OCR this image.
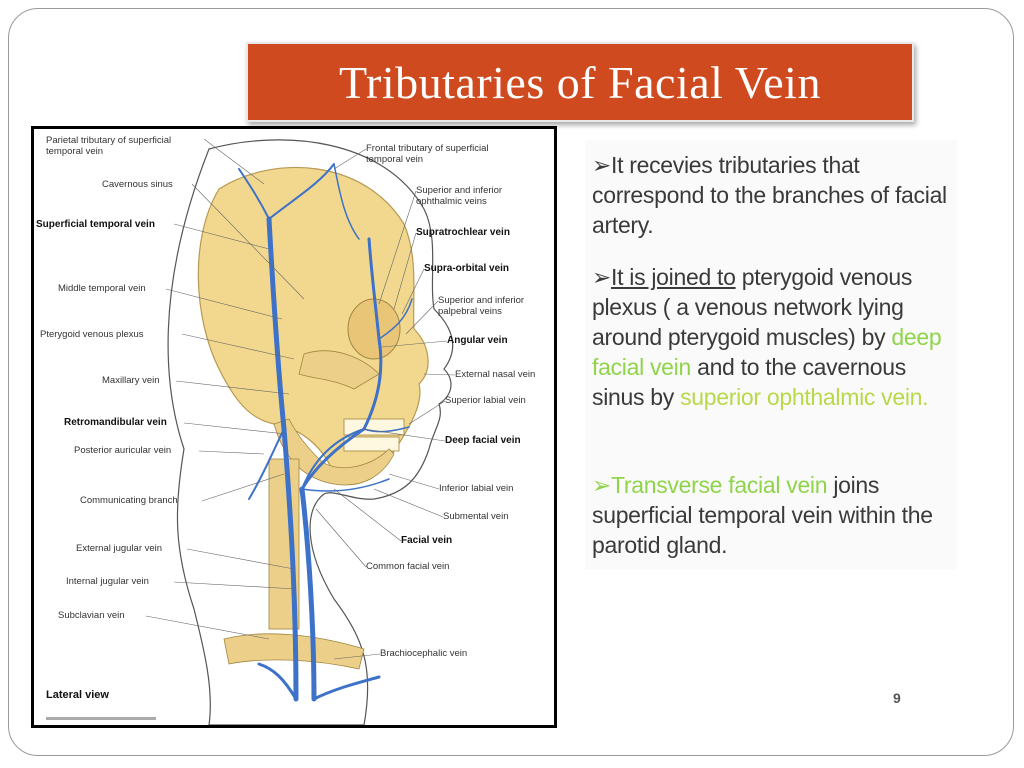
Tributaries of Facial Vein
Parietal tributary of superficial temporal vein
Cavernous sinus
Superficial temporal vein
Middle temporal vein
Pterygoid venous plexus
Maxillary vein
Retromandibular vein
Posterior auricular vein
Communicating branch
External jugular vein
Internal jugular vein
Subclavian vein
Frontal tributary of superficial temporal vein
Superior and inferior ophthalmic veins
Supratrochlear vein
Supra-orbital vein
Superior and inferior palpebral veins
Angular vein
External nasal vein
Superior labial vein
Deep facial vein
Inferior labial vein
Submental vein
Facial vein
Common facial vein
Brachiocephalic vein
Lateral view
➢It recevies tributaries that correspond to the branches of facial artery.
➢It is joined to pterygoid venous plexus ( a venous network lying around pterygoid muscles) by deep facial vein and to the cavernous sinus by superior ophthalmic vein.
➢Transverse facial vein joins superficial temporal vein within the parotid gland.
9
